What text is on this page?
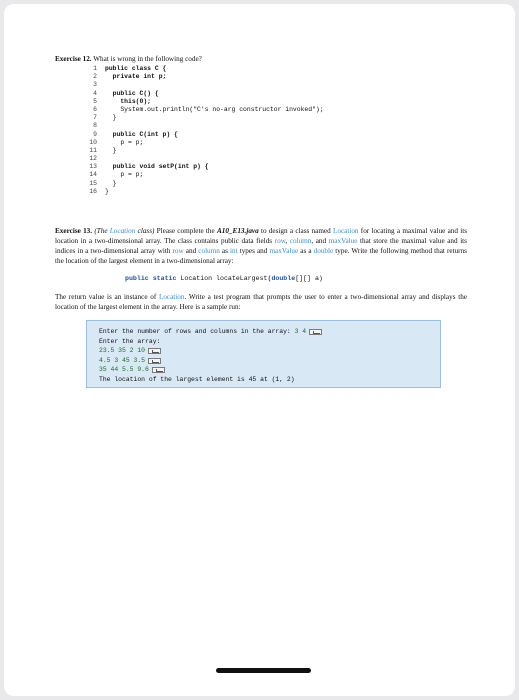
Exercise 12. What is wrong in the following code?
1 public class C {
2 private int p;
3
4 public C() {
5 this(0);
6 System.out.println("C's no-arg constructor invoked");
7 }
8
9 public C(int p) {
10 p = p;
11 }
12
13 public void setP(int p) {
14 p = p;
15 }
16 }
Exercise 13. (The Location class) Please complete the A10_E13.java to design a class named Location for locating a maximal value and its location in a two-dimensional array. The class contains public data fields row, column, and maxValue that store the maximal value and its indices in a two-dimensional array with row and column as int types and maxValue as a double type. Write the following method that returns the location of the largest element in a two-dimensional array:
public static Location locateLargest(double[][] a)
The return value is an instance of Location. Write a test program that prompts the user to enter a two-dimensional array and displays the location of the largest element in the array. Here is a sample run:
Enter the number of rows and columns in the array: 3 4
Enter the array:
23.5 35 2 10
4.5 3 45 3.5
35 44 5.5 9.6
The location of the largest element is 45 at (1, 2)
